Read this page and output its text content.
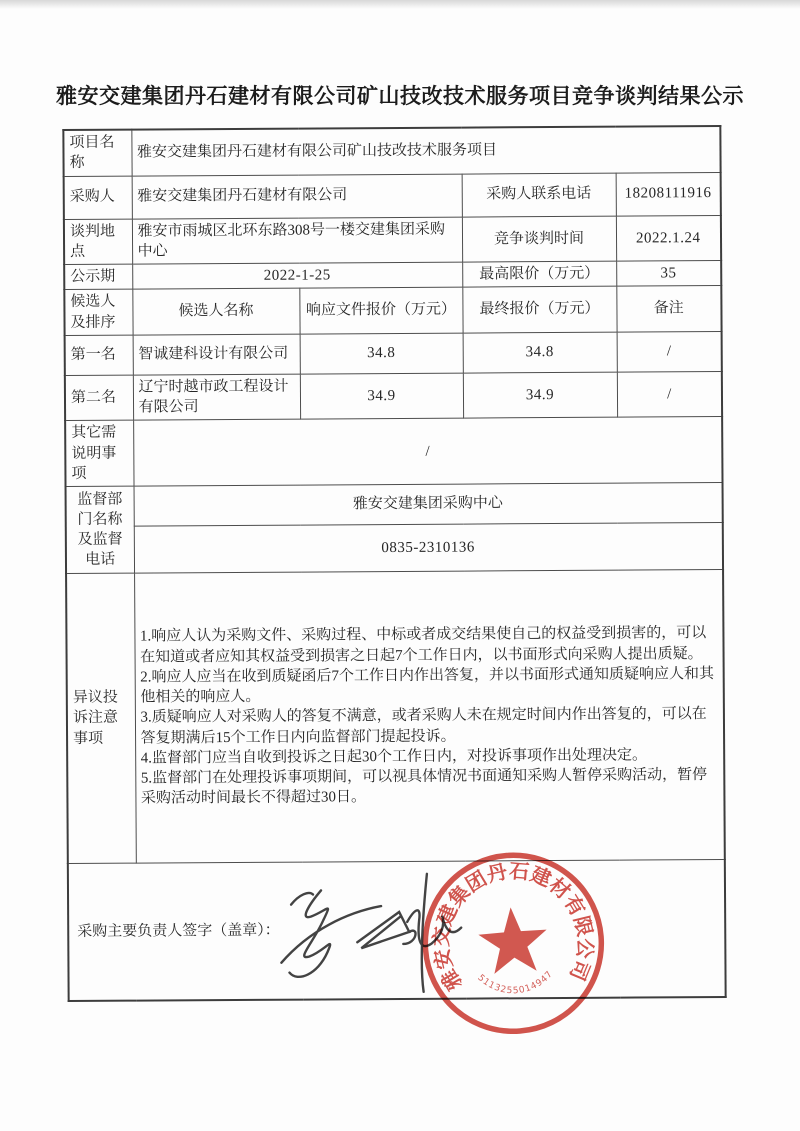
雅安交建集团丹石建材有限公司矿山技改技术服务项目竞争谈判结果公示
项目名称	雅安交建集团丹石建材有限公司矿山技改技术服务项目			
采购人	雅安交建集团丹石建材有限公司		采购人联系电话	18208111916
谈判地点	雅安市雨城区北环东路308号一楼交建集团采购中心		竞争谈判时间	2022.1.24
公示期	2022-1-25		最高限价（万元）	35
候选人及排序	候选人名称	响应文件报价（万元）	最终报价（万元）	备注
第一名	智诚建科设计有限公司	34.8	34.8	/
第二名	辽宁时越市政工程设计有限公司	34.9	34.9	/
其它需说明事项	/			
监督部门名称及监督电话	雅安交建集团采购中心			
	0835-2310136			
异议投诉注意事项	1.响应人认为采购文件、采购过程、中标或者成交结果使自己的权益受到损害的，可以在知道或者应知其权益受到损害之日起7个工作日内，以书面形式向采购人提出质疑。
2.响应人应当在收到质疑函后7个工作日内作出答复，并以书面形式通知质疑响应人和其他相关的响应人。
3.质疑响应人对采购人的答复不满意，或者采购人未在规定时间内作出答复的，可以在答复期满后15个工作日内向监督部门提起投诉。
4.监督部门应当自收到投诉之日起30个工作日内，对投诉事项作出处理决定。
5.监督部门在处理投诉事项期间，可以视具体情况书面通知采购人暂停采购活动，暂停采购活动时间最长不得超过30日。			

采购主要负责人签字（盖章）：
雅安交建集团丹石建材有限公司
5113255014947				
